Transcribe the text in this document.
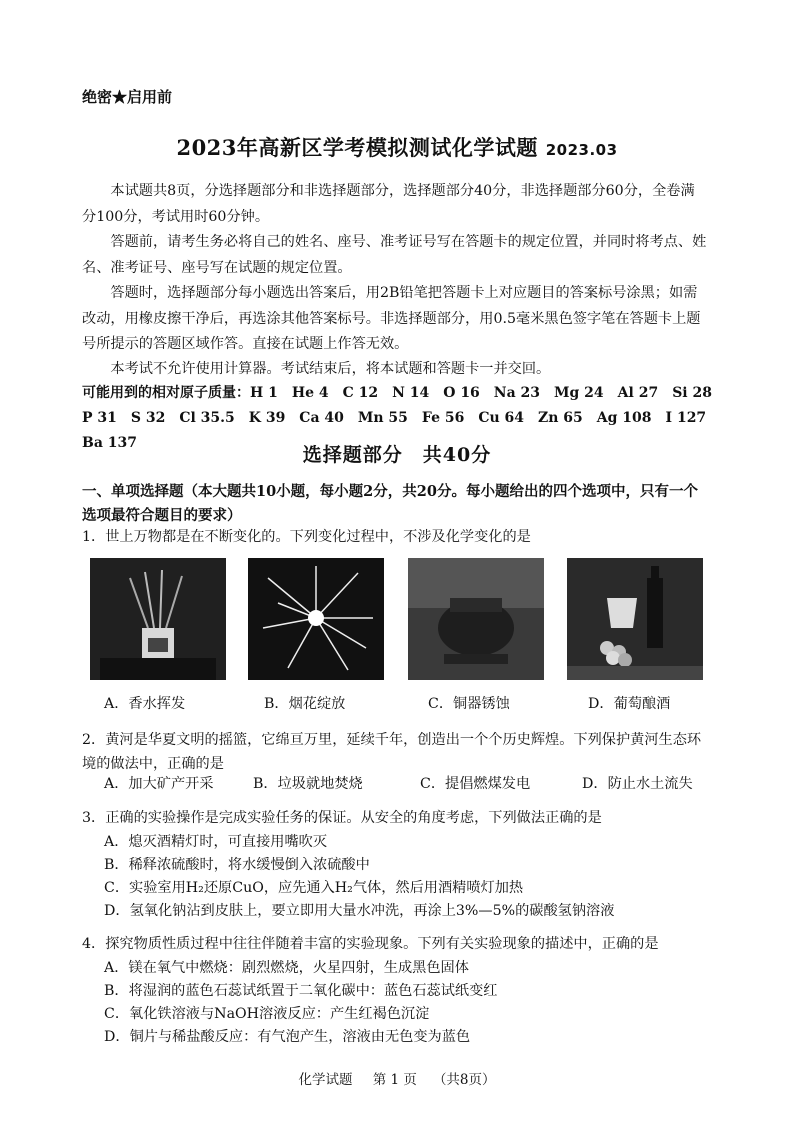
绝密★启用前
2023年高新区学考模拟测试化学试题 2023.03
本试题共8页，分选择题部分和非选择题部分，选择题部分40分，非选择题部分60分，全卷满分100分，考试用时60分钟。
答题前，请考生务必将自己的姓名、座号、准考证号写在答题卡的规定位置，并同时将考点、姓名、准考证号、座号写在试题的规定位置。
答题时，选择题部分每小题选出答案后，用2B铅笔把答题卡上对应题目的答案标号涂黑；如需改动，用橡皮擦干净后，再选涂其他答案标号。非选择题部分，用0.5毫米黑色签字笔在答题卡上题号所提示的答题区域作答。直接在试题上作答无效。
本考试不允许使用计算器。考试结束后，将本试题和答题卡一并交回。
可能用到的相对原子质量：H 1　He 4　C 12　N 14　O 16　Na 23　Mg 24　Al 27　Si 28
P 31　S 32　Cl 35.5　K 39　Ca 40　Mn 55　Fe 56　Cu 64　Zn 65　Ag 108　I 127　Ba 137
选择题部分　共40分
一、单项选择题（本大题共10小题，每小题2分，共20分。每小题给出的四个选项中，只有一个选项最符合题目的要求）
1．世上万物都是在不断变化的。下列变化过程中，不涉及化学变化的是
A．香水挥发	B．烟花绽放	C．铜器锈蚀	D．葡萄酿酒
2．黄河是华夏文明的摇篮，它绵亘万里，延续千年，创造出一个个历史辉煌。下列保护黄河生态环境的做法中，正确的是
A．加大矿产开采	B．垃圾就地焚烧	C．提倡燃煤发电	D．防止水土流失
3．正确的实验操作是完成实验任务的保证。从安全的角度考虑，下列做法正确的是
A．熄灭酒精灯时，可直接用嘴吹灭
B．稀释浓硫酸时，将水缓慢倒入浓硫酸中
C．实验室用H₂还原CuO，应先通入H₂气体，然后用酒精喷灯加热
D．氢氧化钠沾到皮肤上，要立即用大量水冲洗，再涂上3%—5%的碳酸氢钠溶液
4．探究物质性质过程中往往伴随着丰富的实验现象。下列有关实验现象的描述中，正确的是
A．镁在氧气中燃烧：剧烈燃烧，火星四射，生成黑色固体
B．将湿润的蓝色石蕊试纸置于二氧化碳中：蓝色石蕊试纸变红
C．氧化铁溶液与NaOH溶液反应：产生红褐色沉淀
D．铜片与稀盐酸反应：有气泡产生，溶液由无色变为蓝色
化学试题 第 1 页 （共8页）
